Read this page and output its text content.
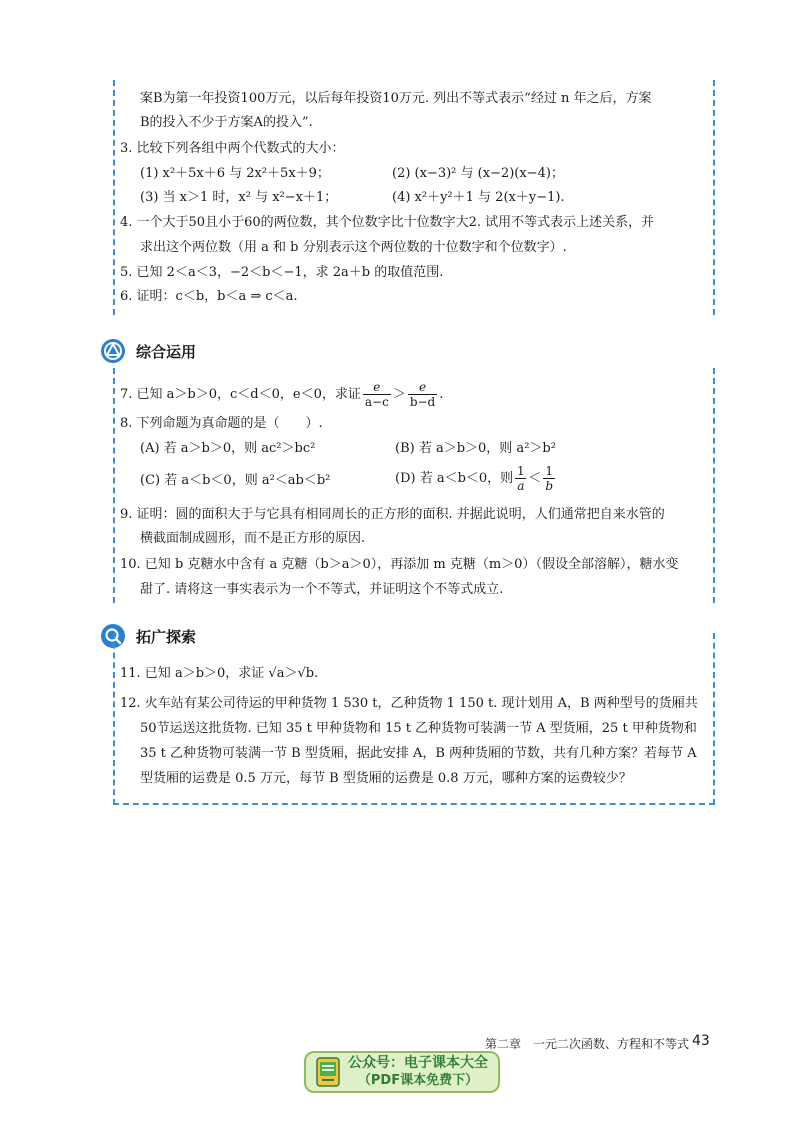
案B为第一年投资100万元，以后每年投资10万元. 列出不等式表示“经过 n 年之后，方案
B的投入不少于方案A的投入”.
3. 比较下列各组中两个代数式的大小：
(1) x²＋5x＋6 与 2x²＋5x＋9；	(2) (x−3)² 与 (x−2)(x−4)；
(3) 当 x＞1 时，x² 与 x²−x＋1；	(4) x²＋y²＋1 与 2(x＋y−1).
4. 一个大于50且小于60的两位数，其个位数字比十位数字大2. 试用不等式表示上述关系，并
求出这个两位数（用 a 和 b 分别表示这个两位数的十位数字和个位数字）.
5. 已知 2＜a＜3，−2＜b＜−1，求 2a＋b 的取值范围.
6. 证明：c＜b，b＜a ⇒ c＜a.
综合运用
7. 已知 a＞b＞0，c＜d＜0，e＜0，求证 $\frac{e}{a-c} > \frac{e}{b-d}$ .
8. 下列命题为真命题的是（　　）.
(A) 若 a＞b＞0，则 ac²＞bc²	(B) 若 a＞b＞0，则 a²＞b²
(C) 若 a＜b＜0，则 a²＜ab＜b²	(D) 若 a＜b＜0，则 1
a
＜ 1
b
9. 证明：圆的面积大于与它具有相同周长的正方形的面积. 并据此说明，人们通常把自来水管的
横截面制成圆形，而不是正方形的原因.
10. 已知 b 克糖水中含有 a 克糖（b＞a＞0），再添加 m 克糖（m＞0）（假设全部溶解），糖水变
甜了. 请将这一事实表示为一个不等式，并证明这个不等式成立.
拓广探索
11. 已知 a＞b＞0，求证 √a＞√b.
12. 火车站有某公司待运的甲种货物 1 530 t，乙种货物 1 150 t. 现计划用 A，B 两种型号的货厢共
50节运送这批货物. 已知 35 t 甲种货物和 15 t 乙种货物可装满一节 A 型货厢，25 t 甲种货物和
35 t 乙种货物可装满一节 B 型货厢，据此安排 A，B 两种货厢的节数，共有几种方案？若每节 A
型货厢的运费是 0.5 万元，每节 B 型货厢的运费是 0.8 万元，哪种方案的运费较少？
第二章　一元二次函数、方程和不等式 43
公众号：电子课本大全
（PDF课本免费下）
